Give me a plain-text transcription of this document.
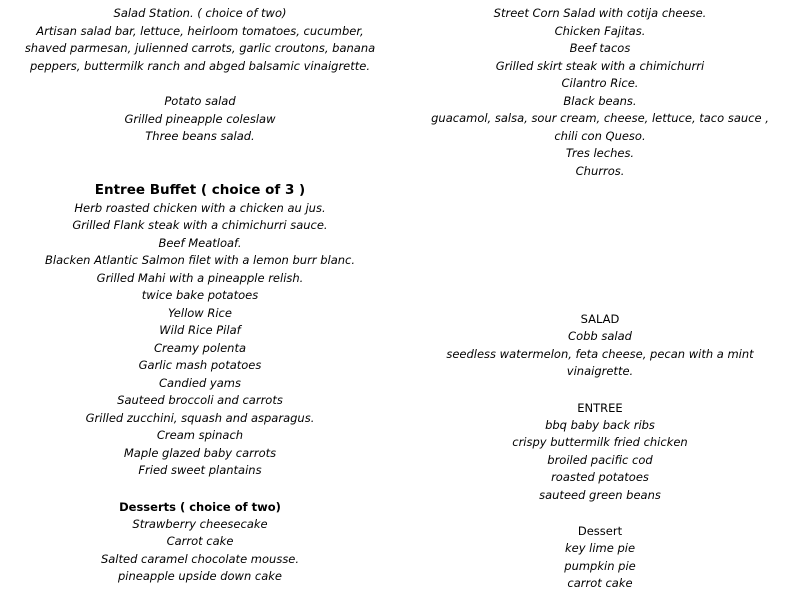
Salad Station. ( choice of two)
Artisan salad bar, lettuce, heirloom tomatoes, cucumber,
shaved parmesan, julienned carrots, garlic croutons, banana
peppers, buttermilk ranch and abged balsamic vinaigrette.
Potato salad
Grilled pineapple coleslaw
Three beans salad.
Entree Buffet ( choice of 3 )
Herb roasted chicken with a chicken au jus.
Grilled Flank steak with a chimichurri sauce.
Beef Meatloaf.
Blacken Atlantic Salmon filet with a lemon burr blanc.
Grilled Mahi with a pineapple relish.
twice bake potatoes
Yellow Rice
Wild Rice Pilaf
Creamy polenta
Garlic mash potatoes
Candied yams
Sauteed broccoli and carrots
Grilled zucchini, squash and asparagus.
Cream spinach
Maple glazed baby carrots
Fried sweet plantains
Desserts ( choice of two)
Strawberry cheesecake
Carrot cake
Salted caramel chocolate mousse.
pineapple upside down cake
Street Corn Salad with cotija cheese.
Chicken Fajitas.
Beef tacos
Grilled skirt steak with a chimichurri
Cilantro Rice.
Black beans.
guacamol, salsa, sour cream, cheese, lettuce, taco sauce ,
chili con Queso.
Tres leches.
Churros.
SALAD
Cobb salad
seedless watermelon, feta cheese, pecan with a mint
vinaigrette.
ENTREE
bbq baby back ribs
crispy buttermilk fried chicken
broiled pacific cod
roasted potatoes
sauteed green beans
Dessert
key lime pie
pumpkin pie
carrot cake
